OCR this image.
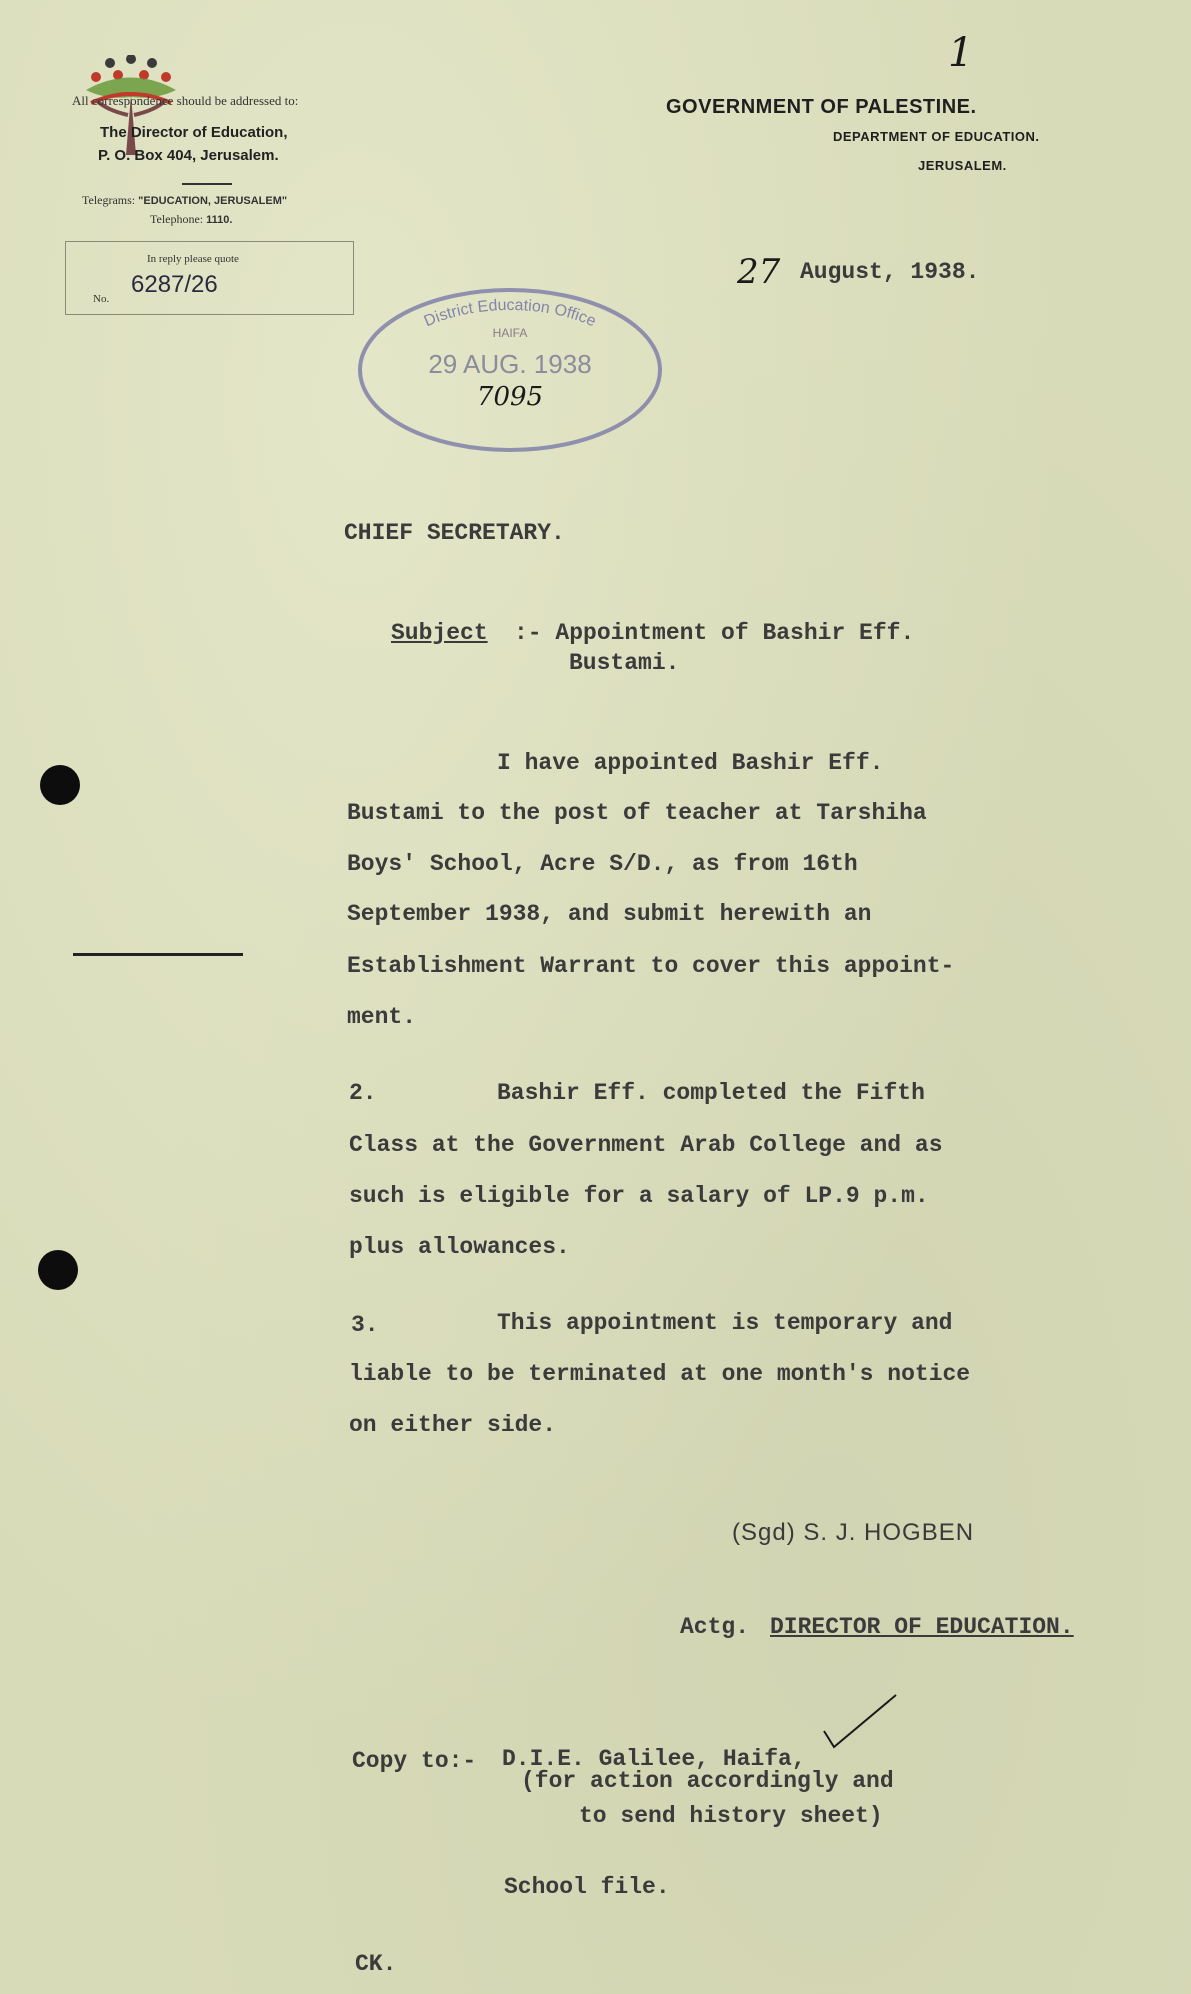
All correspondence should be addressed to:
The Director of Education,
P. O. Box 404, Jerusalem.
Telegrams: "EDUCATION, JERUSALEM"
Telephone: 1110.
In reply please quote
No.
6287/26
1
GOVERNMENT OF PALESTINE.
DEPARTMENT OF EDUCATION.
JERUSALEM.
27 August, 1938.
District Education Office
HAIFA
29 AUG. 1938
7095
CHIEF SECRETARY.
Subject :- Appointment of Bashir Eff.
Bustami.
I have appointed Bashir Eff.
Bustami to the post of teacher at Tarshiha
Boys' School, Acre S/D., as from 16th
September 1938, and submit herewith an
Establishment Warrant to cover this appoint-
ment.
2.	Bashir Eff. completed the Fifth
Class at the Government Arab College and as
such is eligible for a salary of LP.9 p.m.
plus allowances.
3.	This appointment is temporary and
liable to be terminated at one month's notice
on either side.
(Sgd) S. J. HOGBEN
Actg. DIRECTOR OF EDUCATION.
Copy to:- D.I.E. Galilee, Haifa,
(for action accordingly and
to send history sheet)
School file.
CK.
